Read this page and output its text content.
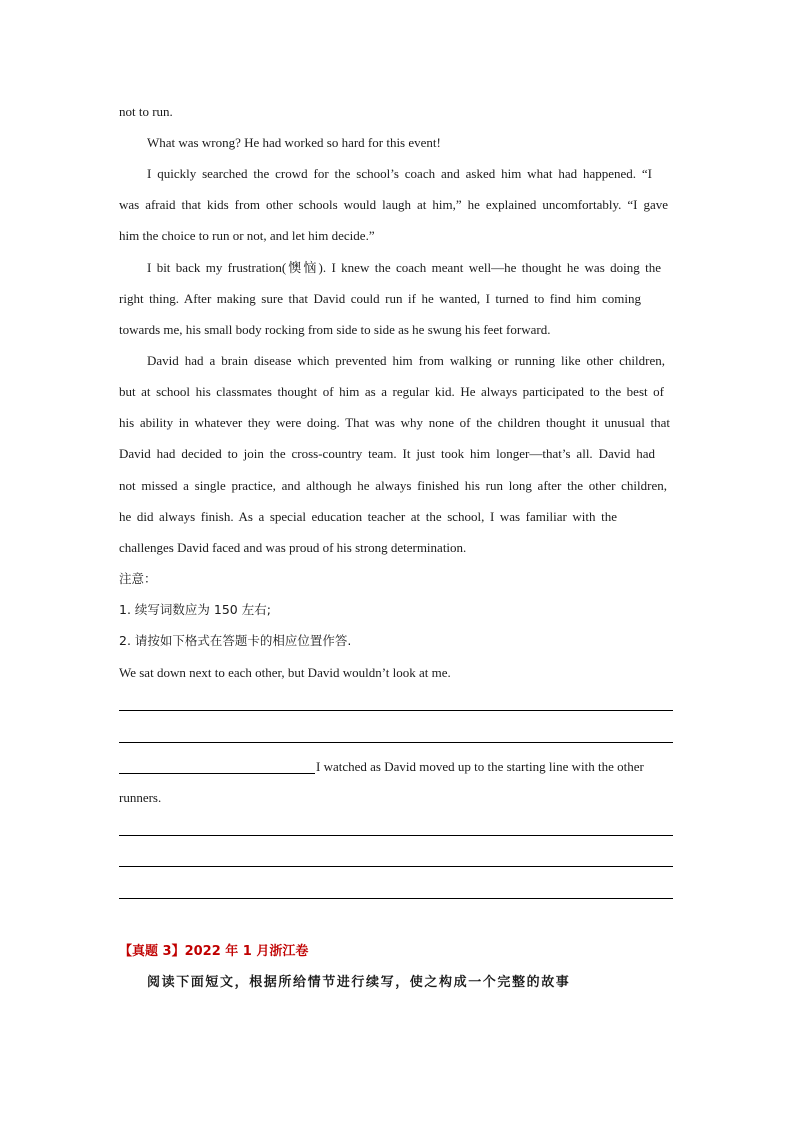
not to run.
What was wrong? He had worked so hard for this event!
I quickly searched the crowd for the school’s coach and asked him what had happened. “I
was afraid that kids from other schools would laugh at him,” he explained uncomfortably. “I gave
him the choice to run or not, and let him decide.”
I bit back my frustration(懊恼). I knew the coach meant well—he thought he was doing the
right thing. After making sure that David could run if he wanted, I turned to find him coming
towards me, his small body rocking from side to side as he swung his feet forward.
David had a brain disease which prevented him from walking or running like other children,
but at school his classmates thought of him as a regular kid. He always participated to the best of
his ability in whatever they were doing. That was why none of the children thought it unusual that
David had decided to join the cross-country team. It just took him longer—that’s all. David had
not missed a single practice, and although he always finished his run long after the other children,
he did always finish. As a special education teacher at the school, I was familiar with the
challenges David faced and was proud of his strong determination.
注意：
1. 续写词数应为 150 左右;
2. 请按如下格式在答题卡的相应位置作答.
We sat down next to each other, but David wouldn’t look at me.
I watched as David moved up to the starting line with the other
runners.
【真题 3】2022 年 1 月浙江卷
阅读下面短文，根据所给情节进行续写，使之构成一个完整的故事
